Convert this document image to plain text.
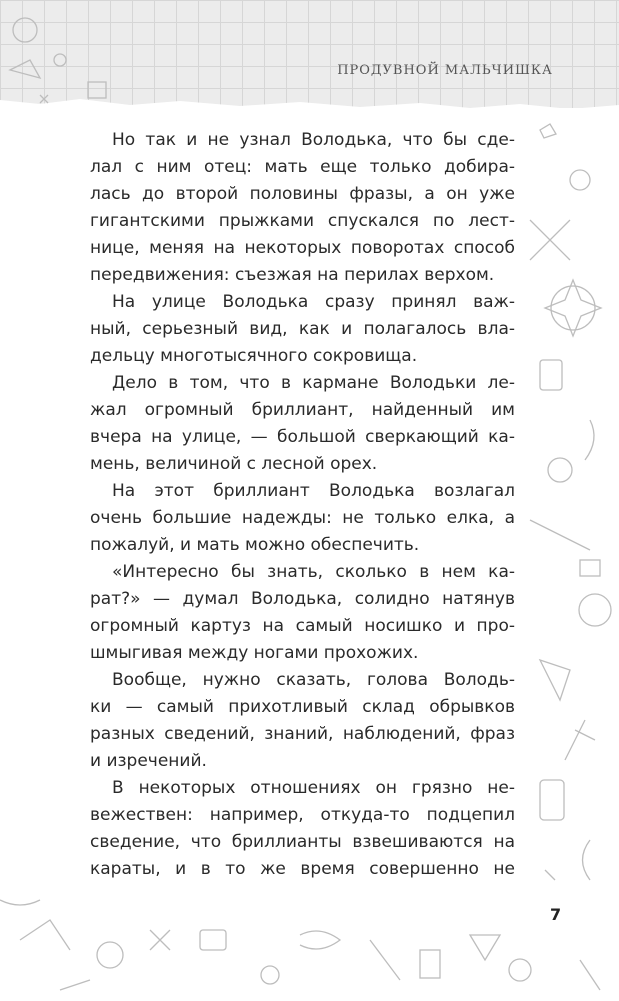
ПРОДУВНОЙ МАЛЬЧИШКА
Но так и не узнал Володька, что бы сде-
лал с ним отец: мать еще только добира-
лась до второй половины фразы, а он уже
гигантскими прыжками спускался по лест-
нице, меняя на некоторых поворотах способ
передвижения: съезжая на перилах верхом.
На улице Володька сразу принял важ-
ный, серьезный вид, как и полагалось вла-
дельцу многотысячного сокровища.
Дело в том, что в кармане Володьки ле-
жал огромный бриллиант, найденный им
вчера на улице, — большой сверкающий ка-
мень, величиной с лесной орех.
На этот бриллиант Володька возлагал
очень большие надежды: не только елка, а
пожалуй, и мать можно обеспечить.
«Интересно бы знать, сколько в нем ка-
рат?» — думал Володька, солидно натянув
огромный картуз на самый носишко и про-
шмыгивая между ногами прохожих.
Вообще, нужно сказать, голова Володь-
ки — самый прихотливый склад обрывков
разных сведений, знаний, наблюдений, фраз
и изречений.
В некоторых отношениях он грязно не-
вежествен: например, откуда-то подцепил
сведение, что бриллианты взвешиваются на
караты, и в то же время совершенно не
7
